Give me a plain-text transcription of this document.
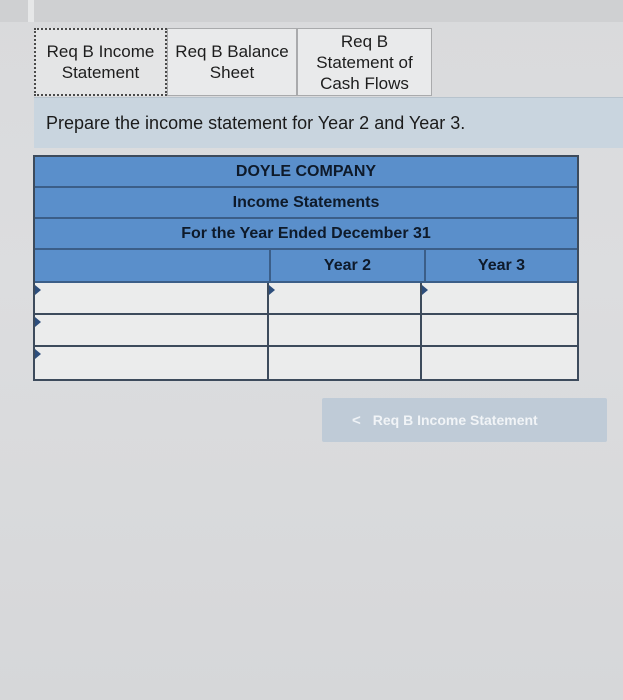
Req B Income
Statement
Req B Balance
Sheet
Req B
Statement of
Cash Flows
Prepare the income statement for Year 2 and Year 3.
DOYLE COMPANY
Income Statements
For the Year Ended December 31
Year 2	Year 3
< Req B Income Statement
